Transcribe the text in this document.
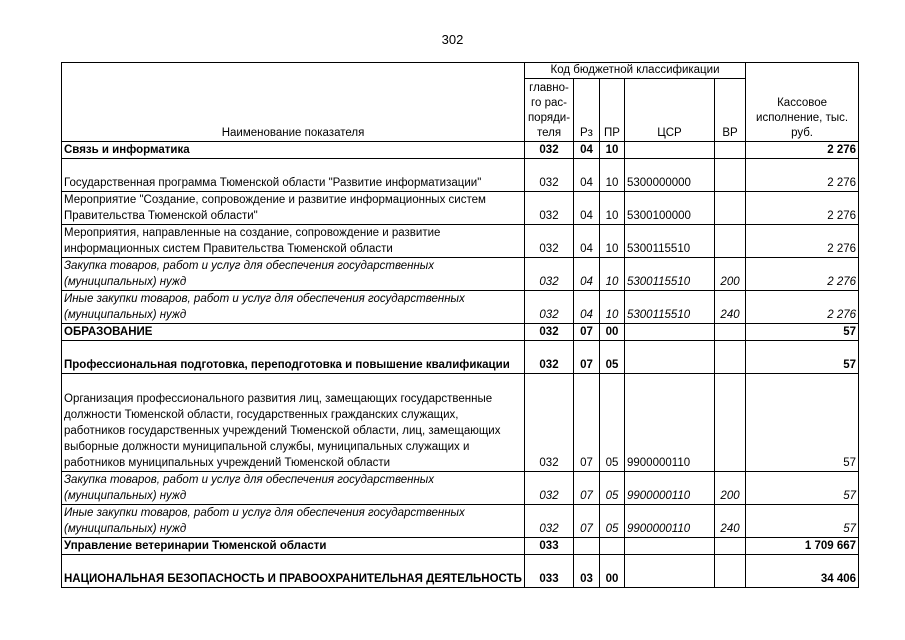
302
Наименование показателя	Код бюджетной классификации					Кассовое исполнение, тыс. руб.
	главно-го рас-поряди-теля	Рз	ПР	ЦСР	ВР	
Связь и информатика	032	04	10			2 276
Государственная программа Тюменской области "Развитие информатизации"	032	04	10	5300000000		2 276
Мероприятие "Создание, сопровождение и развитие информационных систем Правительства Тюменской области"	032	04	10	5300100000		2 276
Мероприятия, направленные на создание, сопровождение и развитие информационных систем Правительства Тюменской области	032	04	10	5300115510		2 276
Закупка товаров, работ и услуг для обеспечения государственных (муниципальных) нужд	032	04	10	5300115510	200	2 276
Иные закупки товаров, работ и услуг для обеспечения государственных (муниципальных) нужд	032	04	10	5300115510	240	2 276
ОБРАЗОВАНИЕ	032	07	00			57
Профессиональная подготовка, переподготовка и повышение квалификации	032	07	05			57
Организация профессионального развития лиц, замещающих государственные должности Тюменской области, государственных гражданских служащих, работников государственных учреждений Тюменской области, лиц, замещающих выборные должности муниципальной службы, муниципальных служащих и работников муниципальных учреждений Тюменской области	032	07	05	9900000110		57
Закупка товаров, работ и услуг для обеспечения государственных (муниципальных) нужд	032	07	05	9900000110	200	57
Иные закупки товаров, работ и услуг для обеспечения государственных (муниципальных) нужд	032	07	05	9900000110	240	57
Управление ветеринарии Тюменской области	033					1 709 667
НАЦИОНАЛЬНАЯ БЕЗОПАСНОСТЬ И ПРАВООХРАНИТЕЛЬНАЯ ДЕЯТЕЛЬНОСТЬ	033	03	00			34 406
